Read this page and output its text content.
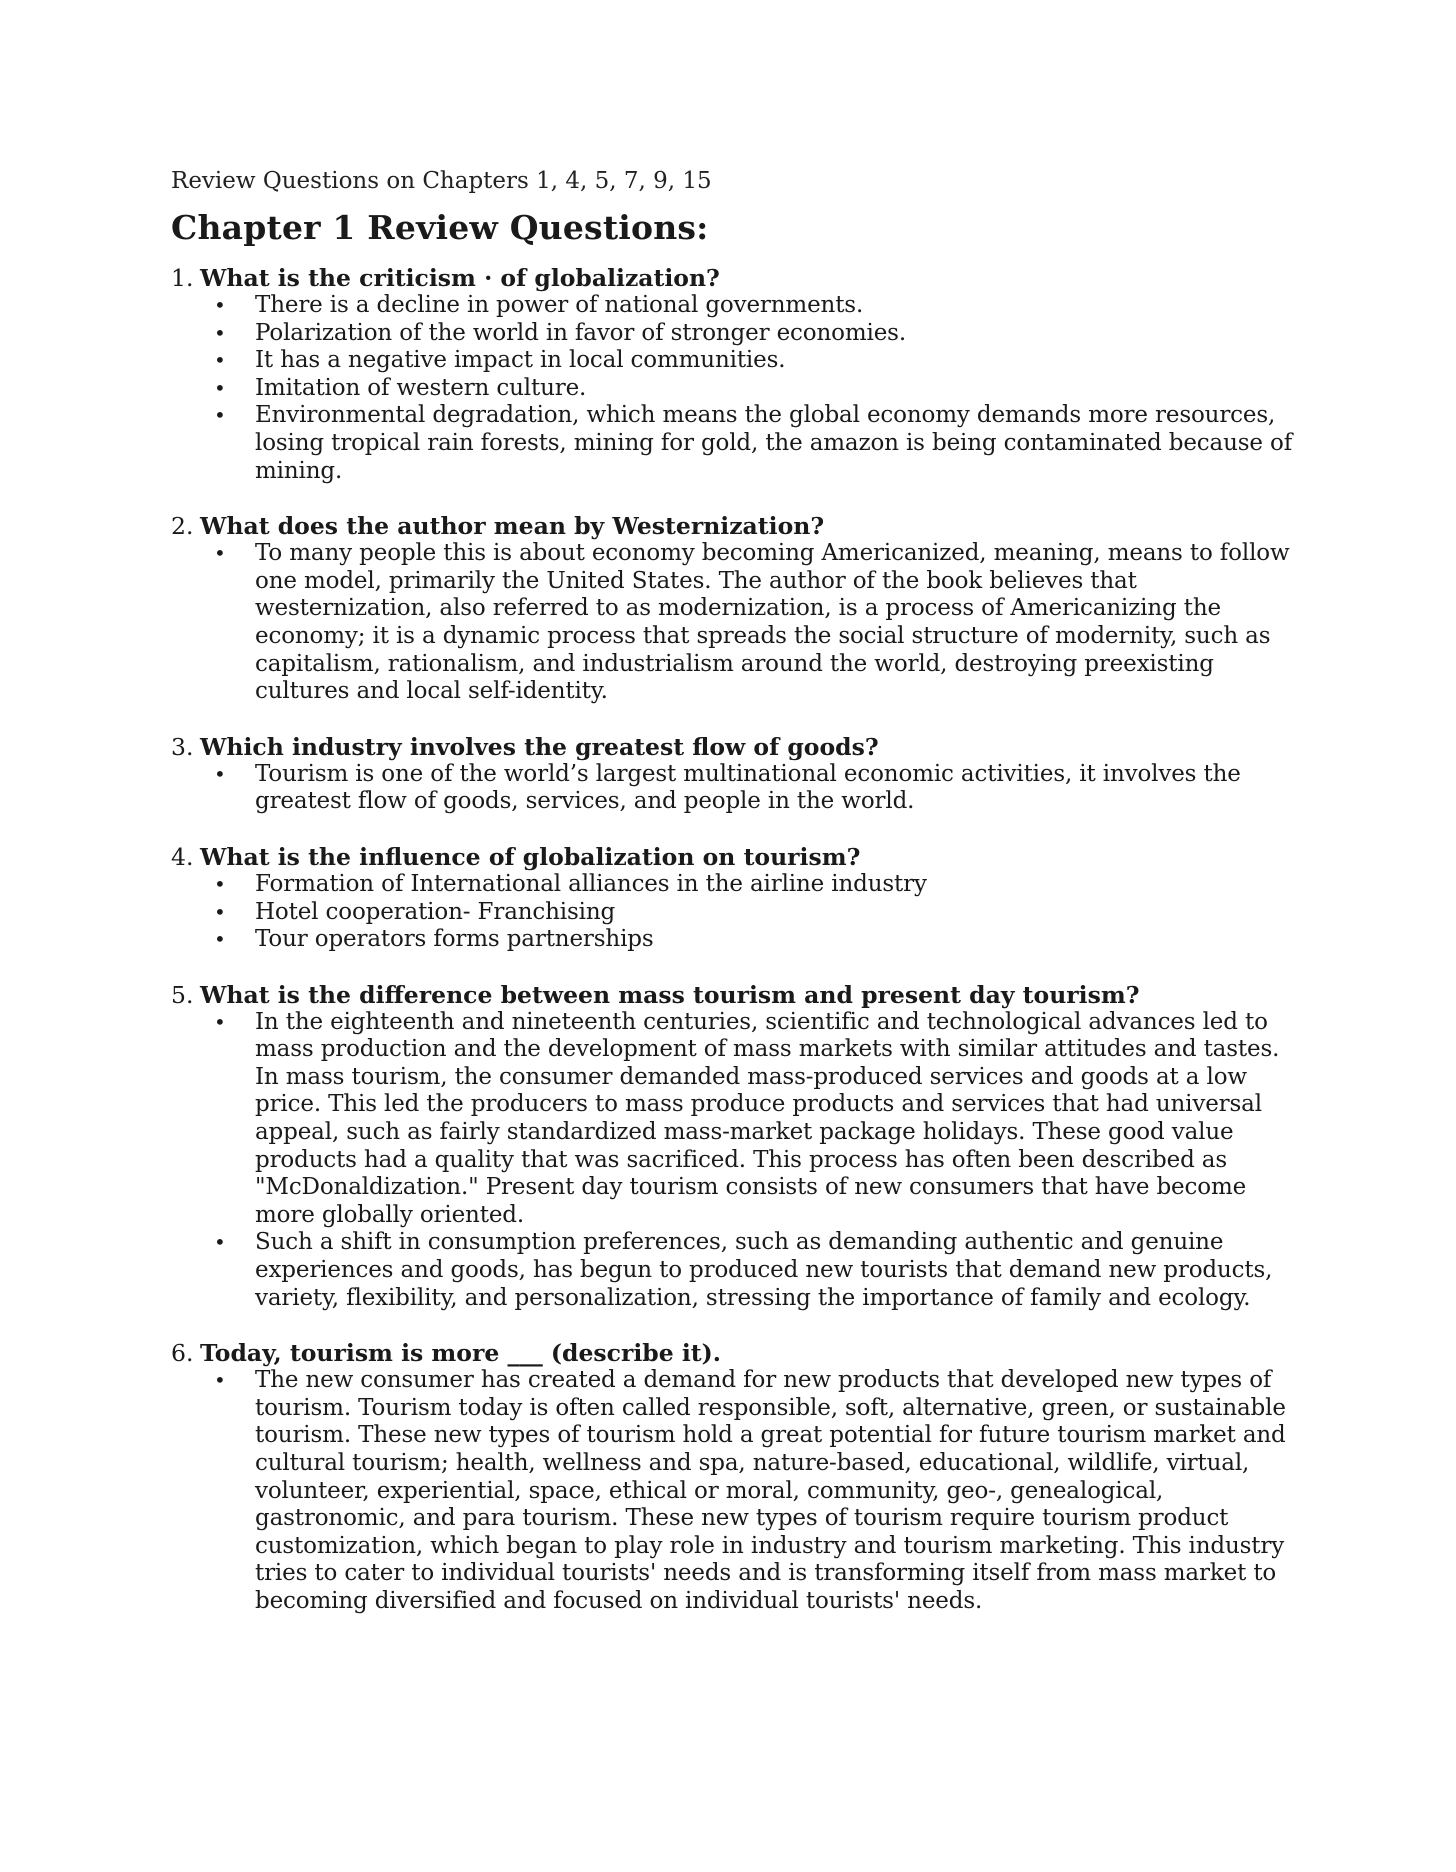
Review Questions on Chapters 1, 4, 5, 7, 9, 15
Chapter 1 Review Questions:
1. What is the criticism · of globalization?
• There is a decline in power of national governments.
• Polarization of the world in favor of stronger economies.
• It has a negative impact in local communities.
• Imitation of western culture.
• Environmental degradation, which means the global economy demands more resources, losing tropical rain forests, mining for gold, the amazon is being contaminated because of mining.
2. What does the author mean by Westernization?
• To many people this is about economy becoming Americanized, meaning, means to follow one model, primarily the United States. The author of the book believes that westernization, also referred to as modernization, is a process of Americanizing the economy; it is a dynamic process that spreads the social structure of modernity, such as capitalism, rationalism, and industrialism around the world, destroying preexisting cultures and local self-identity.
3. Which industry involves the greatest flow of goods?
• Tourism is one of the world’s largest multinational economic activities, it involves the greatest flow of goods, services, and people in the world.
4. What is the influence of globalization on tourism?
• Formation of International alliances in the airline industry
• Hotel cooperation- Franchising
• Tour operators forms partnerships
5. What is the difference between mass tourism and present day tourism?
• In the eighteenth and nineteenth centuries, scientific and technological advances led to mass production and the development of mass markets with similar attitudes and tastes. In mass tourism, the consumer demanded mass-produced services and goods at a low price. This led the producers to mass produce products and services that had universal appeal, such as fairly standardized mass-market package holidays. These good value products had a quality that was sacrificed. This process has often been described as "McDonaldization." Present day tourism consists of new consumers that have become more globally oriented.
• Such a shift in consumption preferences, such as demanding authentic and genuine experiences and goods, has begun to produced new tourists that demand new products, variety, flexibility, and personalization, stressing the importance of family and ecology.
6. Today, tourism is more ___ (describe it).
• The new consumer has created a demand for new products that developed new types of tourism. Tourism today is often called responsible, soft, alternative, green, or sustainable tourism. These new types of tourism hold a great potential for future tourism market and cultural tourism; health, wellness and spa, nature-based, educational, wildlife, virtual, volunteer, experiential, space, ethical or moral, community, geo-, genealogical, gastronomic, and para tourism. These new types of tourism require tourism product customization, which began to play role in industry and tourism marketing. This industry tries to cater to individual tourists' needs and is transforming itself from mass market to becoming diversified and focused on individual tourists' needs.
